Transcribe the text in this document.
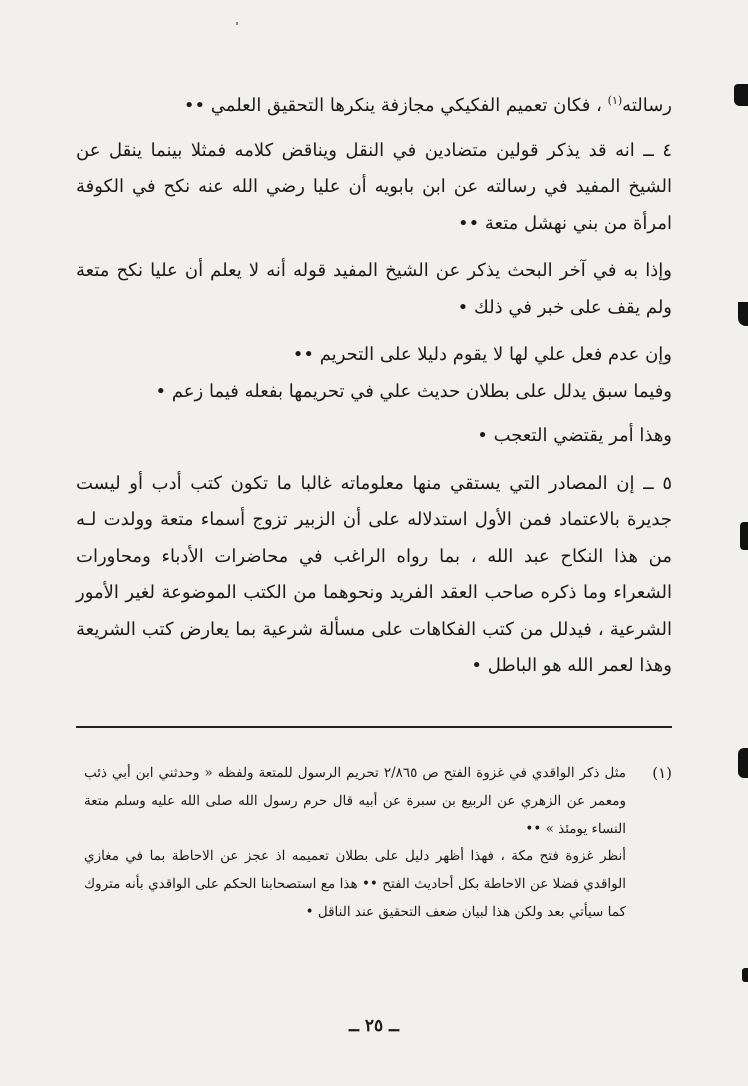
رسالته$^{(١)}$ ، فكان تعميم الفكيكي مجازفة ينكرها التحقيق العلمي ••

٤ ــ انه قد يذكر قولين متضادين في النقل ويناقض كلامه فمثلا بينما ينقل عن الشيخ المفيد في رسالته عن ابن بابويه أن عليا رضي الله عنه نكح في الكوفة امرأة من بني نهشل متعة ••

وإذا به في آخر البحث يذكر عن الشيخ المفيد قوله أنه لا يعلم أن عليا نكح متعة ولم يقف على خبر في ذلك •

وإن عدم فعل علي لها لا يقوم دليلا على التحريم ••

وفيما سبق يدلل على بطلان حديث علي في تحريمها بفعله فيما زعم •

وهذا أمر يقتضي التعجب •

٥ ــ إن المصادر التي يستقي منها معلوماته غالبا ما تكون كتب أدب أو ليست جديرة بالاعتماد فمن الأول استدلاله على أن الزبير تزوج أسماء متعة وولدت لـه من هذا النكاح عبد الله ، بما رواه الراغب في محاضرات الأدباء ومحاورات الشعراء وما ذكره صاحب العقد الفريد ونحوهما من الكتب الموضوعة لغير الأمور الشرعية ، فيدلل من كتب الفكاهات على مسألة شرعية بما يعارض كتب الشريعة وهذا لعمر الله هو الباطل •

(١)

مثل ذكر الواقدي في غزوة الفتح ص ٢/٨٦٥ تحريم الرسول للمتعة ولفظه « وحدثني ابن أبي ذئب ومعمر عن الزهري عن الربيع بن سبرة عن أبيه قال حرم رسول الله صلى الله عليه وسلم متعة النساء يومئذ » ••

أنظر غزوة فتح مكة ، فهذا أظهر دليل على بطلان تعميمه اذ عجز عن الاحاطة بما في مغازي الواقدي فضلا عن الاحاطة بكل أحاديث الفتح •• هذا مع استصحابنا الحكم على الواقدي بأنه متروك كما سيأتي بعد ولكن هذا لبيان ضعف التحقيق عند الناقل •

ــ ٢٥ ــ
